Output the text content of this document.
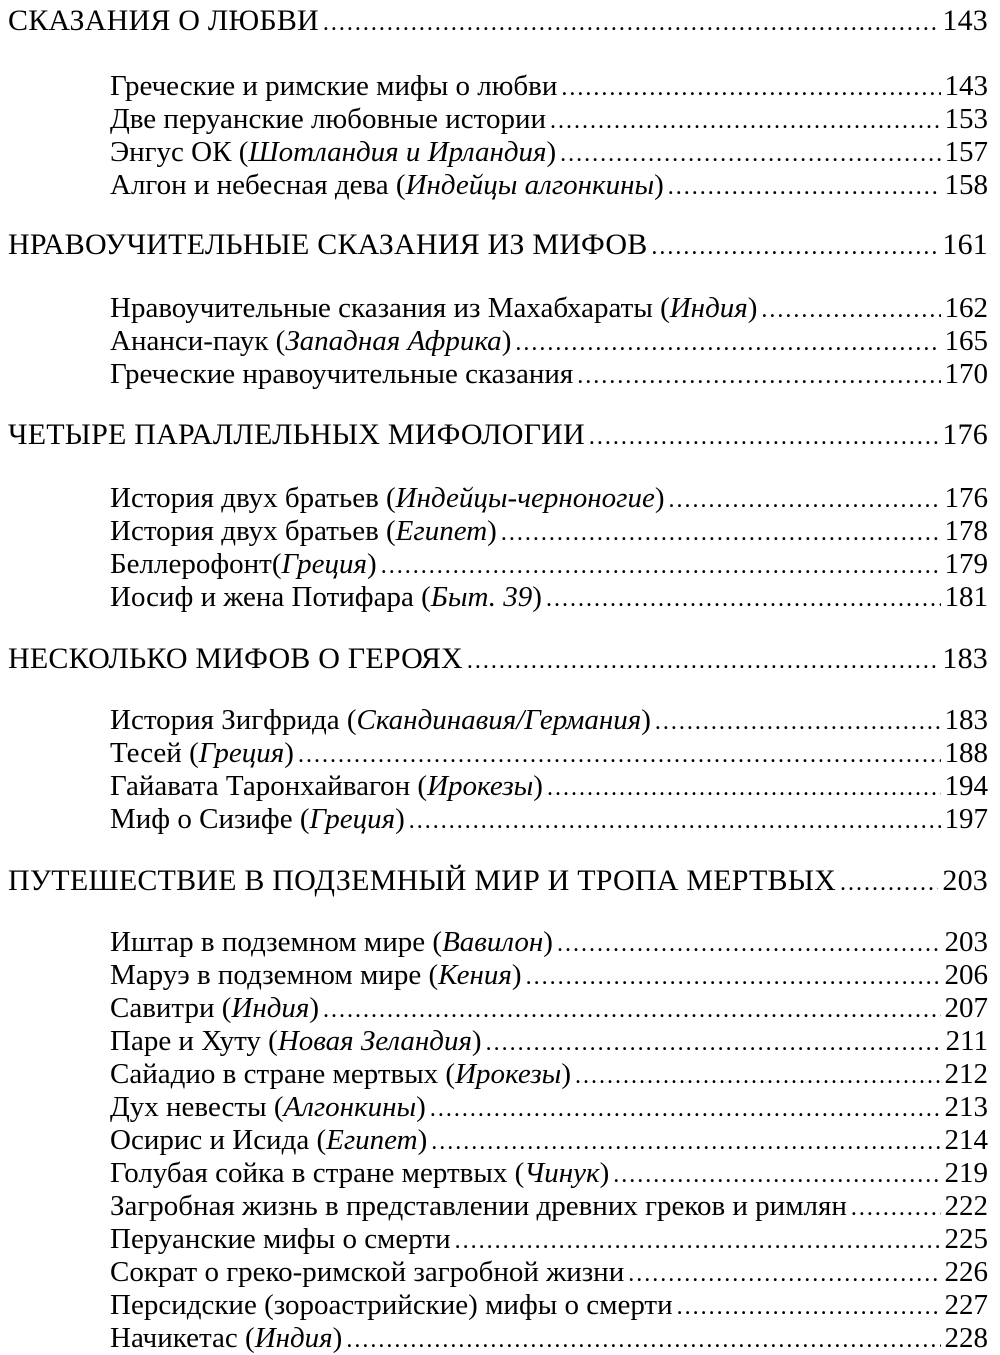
СКАЗАНИЯ О ЛЮБВИ .....	143
Греческие и римские мифы о любви .....	143
Две перуанские любовные истории .....	153
Энгус ОК (Шотландия и Ирландия) .....	157
Алгон и небесная дева (Индейцы алгонкины) .....	158
НРАВОУЧИТЕЛЬНЫЕ СКАЗАНИЯ ИЗ МИФОВ .....	161
Нравоучительные сказания из Махабхараты (Индия) .....	162
Ананси-паук (Западная Африка) .....	165
Греческие нравоучительные сказания .....	170
ЧЕТЫРЕ ПАРАЛЛЕЛЬНЫХ МИФОЛОГИИ .....	176
История двух братьев (Индейцы-черноногие) .....	176
История двух братьев (Египет) .....	178
Беллерофонт(Греция) .....	179
Иосиф и жена Потифара (Быт. 39) .....	181
НЕСКОЛЬКО МИФОВ О ГЕРОЯХ .....	183
История Зигфрида (Скандинавия/Германия) .....	183
Тесей (Греция) .....	188
Гайавата Таронхайвагон (Ирокезы) .....	194
Миф о Сизифе (Греция) .....	197
ПУТЕШЕСТВИЕ В ПОДЗЕМНЫЙ МИР И ТРОПА МЕРТВЫХ .....	203
Иштар в подземном мире (Вавилон) .....	203
Маруэ в подземном мире (Кения) .....	206
Савитри (Индия) .....	207
Паре и Хуту (Новая Зеландия) .....	211
Сайадио в стране мертвых (Ирокезы) .....	212
Дух невесты (Алгонкины) .....	213
Осирис и Исида (Египет) .....	214
Голубая сойка в стране мертвых (Чинук) .....	219
Загробная жизнь в представлении древних греков и римлян .....	222
Перуанские мифы о смерти .....	225
Сократ о греко-римской загробной жизни .....	226
Персидские (зороастрийские) мифы о смерти .....	227
Начикетас (Индия) .....	228
